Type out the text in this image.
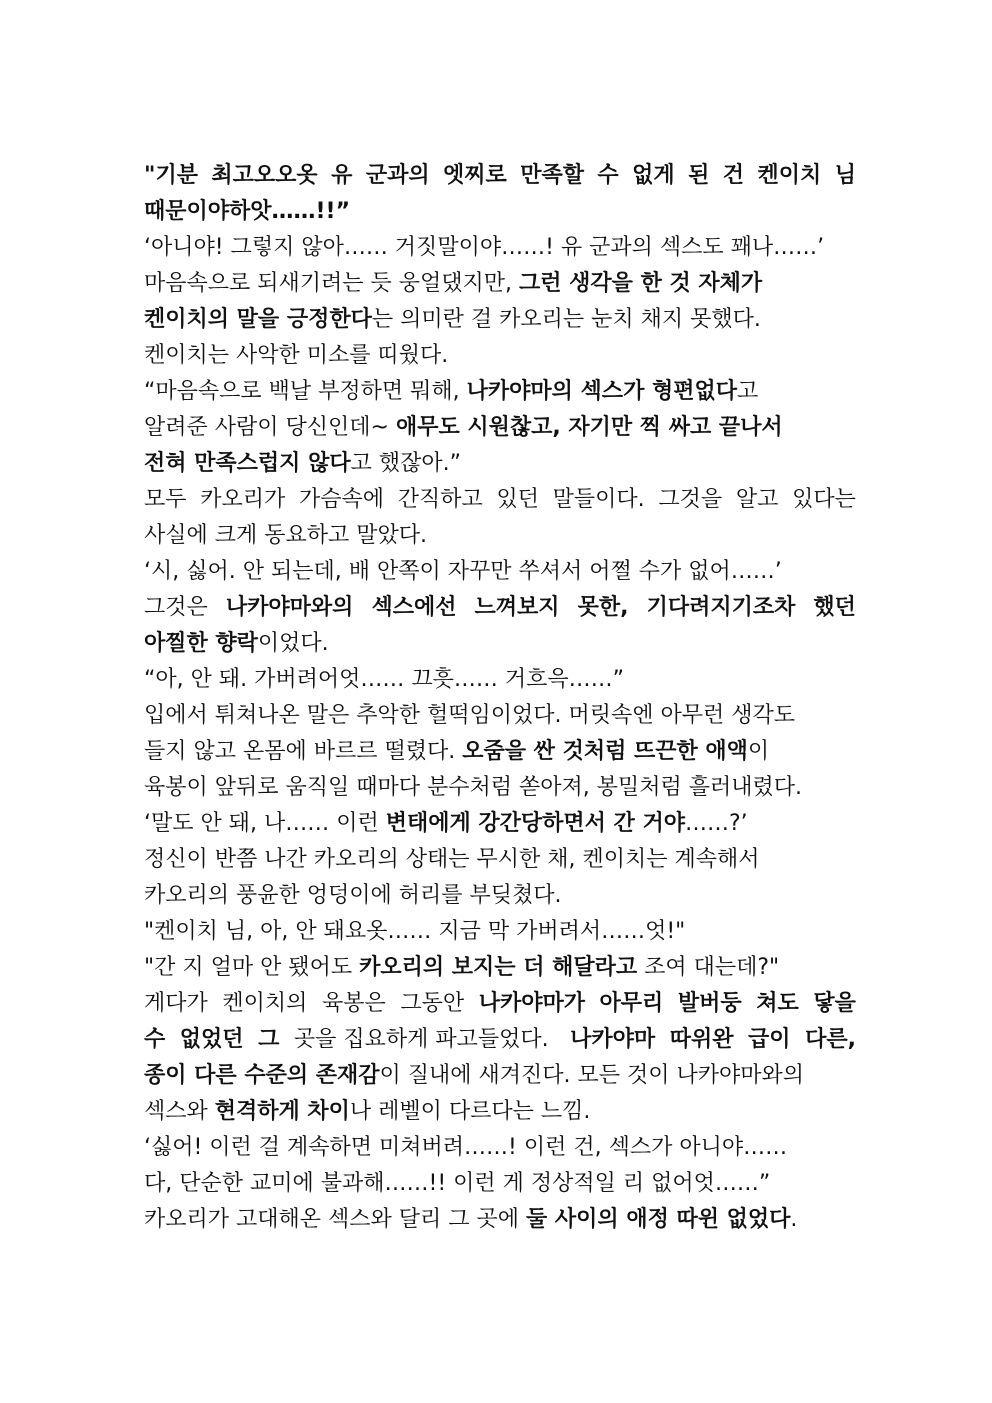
"기분 최고오오옷 유 군과의 엣찌로 만족할 수 없게 된 건 켄이치 님
때문이야하앗……!!”
‘아니야! 그렇지 않아…… 거짓말이야……! 유 군과의 섹스도 꽤나……’
마음속으로 되새기려는 듯 웅얼댔지만, 그런 생각을 한 것 자체가
켄이치의 말을 긍정한다는 의미란 걸 카오리는 눈치 채지 못했다.
켄이치는 사악한 미소를 띠웠다.
“마음속으로 백날 부정하면 뭐해, 나카야마의 섹스가 형편없다고
알려준 사람이 당신인데~ 애무도 시원찮고, 자기만 찍 싸고 끝나서
전혀 만족스럽지 않다고 했잖아.”
모두 카오리가 가슴속에 간직하고 있던 말들이다. 그것을 알고 있다는
사실에 크게 동요하고 말았다.
‘시, 싫어. 안 되는데, 배 안쪽이 자꾸만 쑤셔서 어쩔 수가 없어……’
그것은 나카야마와의 섹스에선 느껴보지 못한, 기다려지기조차 했던
아찔한 향락이었다.
“아, 안 돼. 가버려어엇…… 끄흣…… 거흐윽……”
입에서 튀쳐나온 말은 추악한 헐떡임이었다. 머릿속엔 아무런 생각도
들지 않고 온몸에 바르르 떨렸다. 오줌을 싼 것처럼 뜨끈한 애액이
육봉이 앞뒤로 움직일 때마다 분수처럼 쏟아져, 봉밀처럼 흘러내렸다.
‘말도 안 돼, 나…… 이런 변태에게 강간당하면서 간 거야……?’
정신이 반쯤 나간 카오리의 상태는 무시한 채, 켄이치는 계속해서
카오리의 풍윤한 엉덩이에 허리를 부딪쳤다.
"켄이치 님, 아, 안 돼요옷…… 지금 막 가버려서……엇!"
"간 지 얼마 안 됐어도 카오리의 보지는 더 해달라고 조여 대는데?"
게다가 켄이치의 육봉은 그동안 나카야마가 아무리 발버둥 쳐도 닿을
수 없었던 그 곳을 집요하게 파고들었다. 나카야마 따위완 급이 다른,
종이 다른 수준의 존재감이 질내에 새겨진다. 모든 것이 나카야마와의
섹스와 현격하게 차이나 레벨이 다르다는 느낌.
‘싫어! 이런 걸 계속하면 미쳐버려……! 이런 건, 섹스가 아니야……
다, 단순한 교미에 불과해……!! 이런 게 정상적일 리 없어엇……”
카오리가 고대해온 섹스와 달리 그 곳에 둘 사이의 애정 따윈 없었다.
